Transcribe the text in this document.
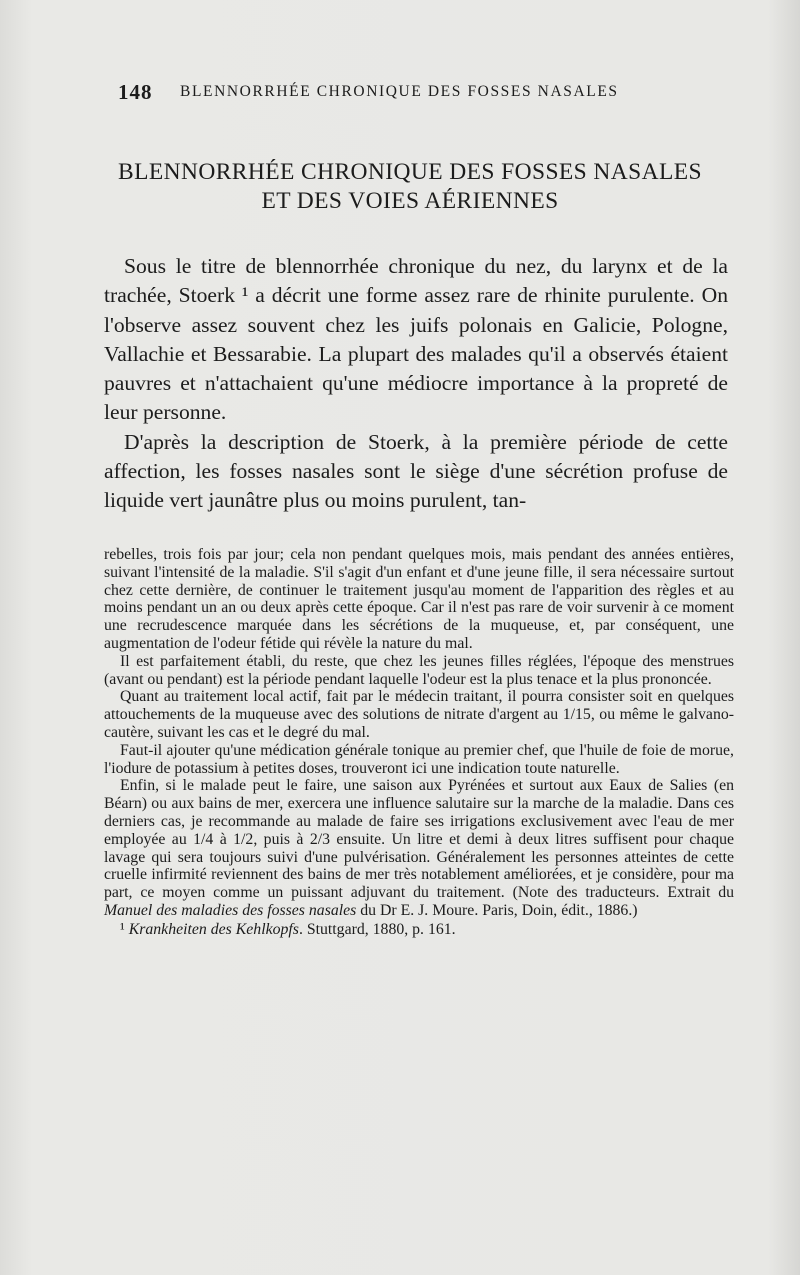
148 BLENNORRHÉE CHRONIQUE DES FOSSES NASALES
BLENNORRHÉE CHRONIQUE DES FOSSES NASALES
ET DES VOIES AÉRIENNES

Sous le titre de blennorrhée chronique du nez, du larynx et de la trachée, Stoerk ¹ a décrit une forme assez rare de rhinite purulente. On l'observe assez souvent chez les juifs polonais en Galicie, Pologne, Vallachie et Bessarabie. La plupart des malades qu'il a observés étaient pauvres et n'attachaient qu'une médiocre importance à la propreté de leur personne.

D'après la description de Stoerk, à la première période de cette affection, les fosses nasales sont le siège d'une sécrétion profuse de liquide vert jaunâtre plus ou moins purulent, tan-

rebelles, trois fois par jour; cela non pendant quelques mois, mais pendant des années entières, suivant l'intensité de la maladie. S'il s'agit d'un enfant et d'une jeune fille, il sera nécessaire surtout chez cette dernière, de continuer le traitement jusqu'au moment de l'apparition des règles et au moins pendant un an ou deux après cette époque. Car il n'est pas rare de voir survenir à ce moment une recrudescence marquée dans les sécrétions de la muqueuse, et, par conséquent, une augmentation de l'odeur fétide qui révèle la nature du mal.

Il est parfaitement établi, du reste, que chez les jeunes filles réglées, l'époque des menstrues (avant ou pendant) est la période pendant laquelle l'odeur est la plus tenace et la plus prononcée.

Quant au traitement local actif, fait par le médecin traitant, il pourra consister soit en quelques attouchements de la muqueuse avec des solutions de nitrate d'argent au 1/15, ou même le galvano-cautère, suivant les cas et le degré du mal.

Faut-il ajouter qu'une médication générale tonique au premier chef, que l'huile de foie de morue, l'iodure de potassium à petites doses, trouveront ici une indication toute naturelle.

Enfin, si le malade peut le faire, une saison aux Pyrénées et surtout aux Eaux de Salies (en Béarn) ou aux bains de mer, exercera une influence salutaire sur la marche de la maladie. Dans ces derniers cas, je recommande au malade de faire ses irrigations exclusivement avec l'eau de mer employée au 1/4 à 1/2, puis à 2/3 ensuite. Un litre et demi à deux litres suffisent pour chaque lavage qui sera toujours suivi d'une pulvérisation. Généralement les personnes atteintes de cette cruelle infirmité reviennent des bains de mer très notablement améliorées, et je considère, pour ma part, ce moyen comme un puissant adjuvant du traitement. (Note des traducteurs. Extrait du Manuel des maladies des fosses nasales du Dr E. J. Moure. Paris, Doin, édit., 1886.)

¹ Krankheiten des Kehlkopfs. Stuttgard, 1880, p. 161.
